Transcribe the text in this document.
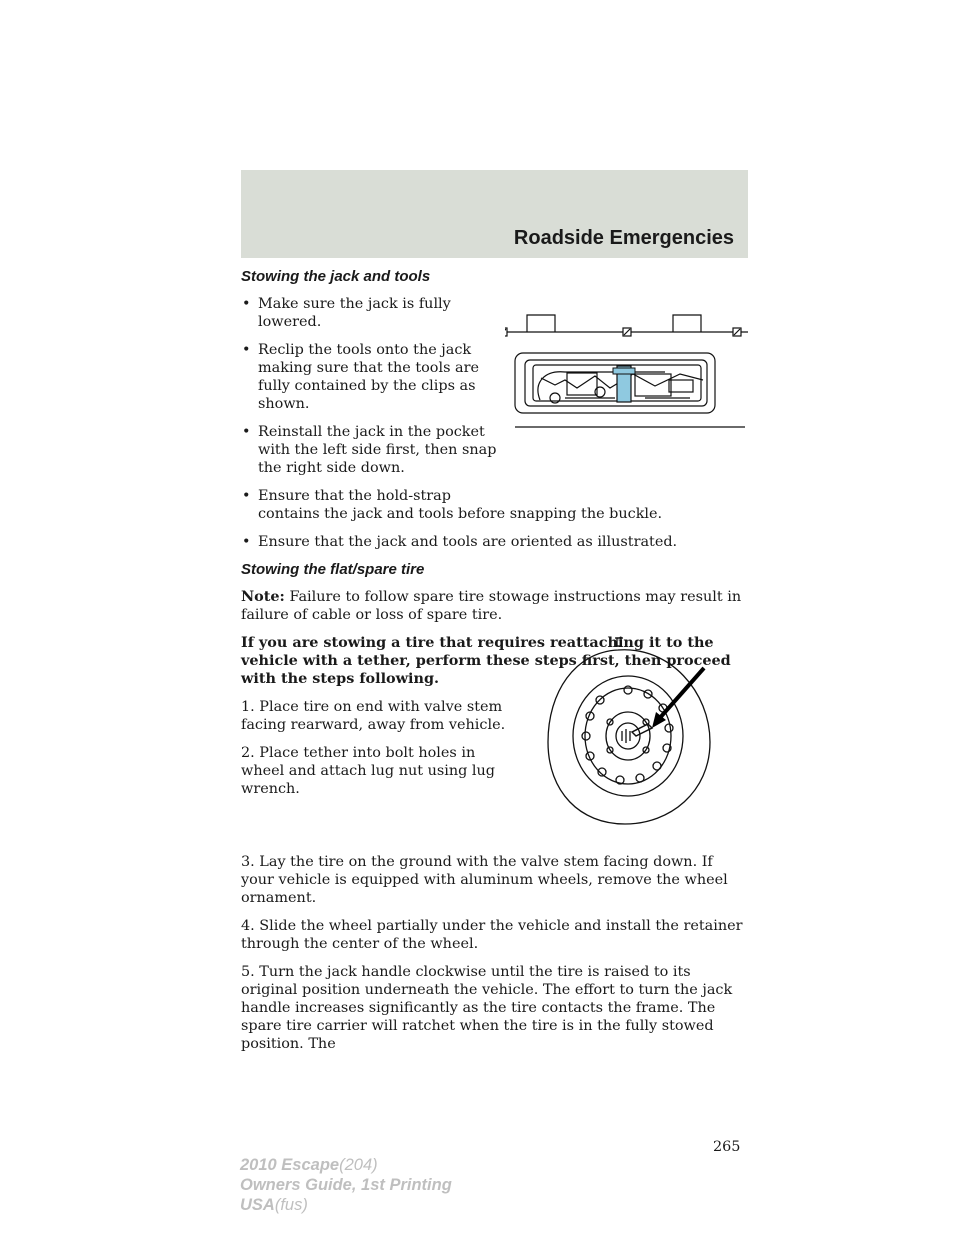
Roadside Emergencies
Stowing the jack and tools
• Make sure the jack is fully lowered.
• Reclip the tools onto the jack making sure that the tools are fully contained by the clips as shown.
• Reinstall the jack in the pocket with the left side first, then snap the right side down.
• Ensure that the hold-strap
contains the jack and tools before snapping the buckle.
• Ensure that the jack and tools are oriented as illustrated.
Stowing the flat/spare tire

Note: Failure to follow spare tire stowage instructions may result in failure of cable or loss of spare tire.

If you are stowing a tire that requires reattaching it to the vehicle with a tether, perform these steps first, then proceed with the steps following.

1. Place tire on end with valve stem facing rearward, away from vehicle.

2. Place tether into bolt holes in wheel and attach lug nut using lug wrench.

3. Lay the tire on the ground with the valve stem facing down. If your vehicle is equipped with aluminum wheels, remove the wheel ornament.

4. Slide the wheel partially under the vehicle and install the retainer through the center of the wheel.

5. Turn the jack handle clockwise until the tire is raised to its original position underneath the vehicle. The effort to turn the jack handle increases significantly as the tire contacts the frame. The spare tire carrier will ratchet when the tire is in the fully stowed position. The

265
2010 Escape(204)
Owners Guide, 1st Printing
USA(fus)
